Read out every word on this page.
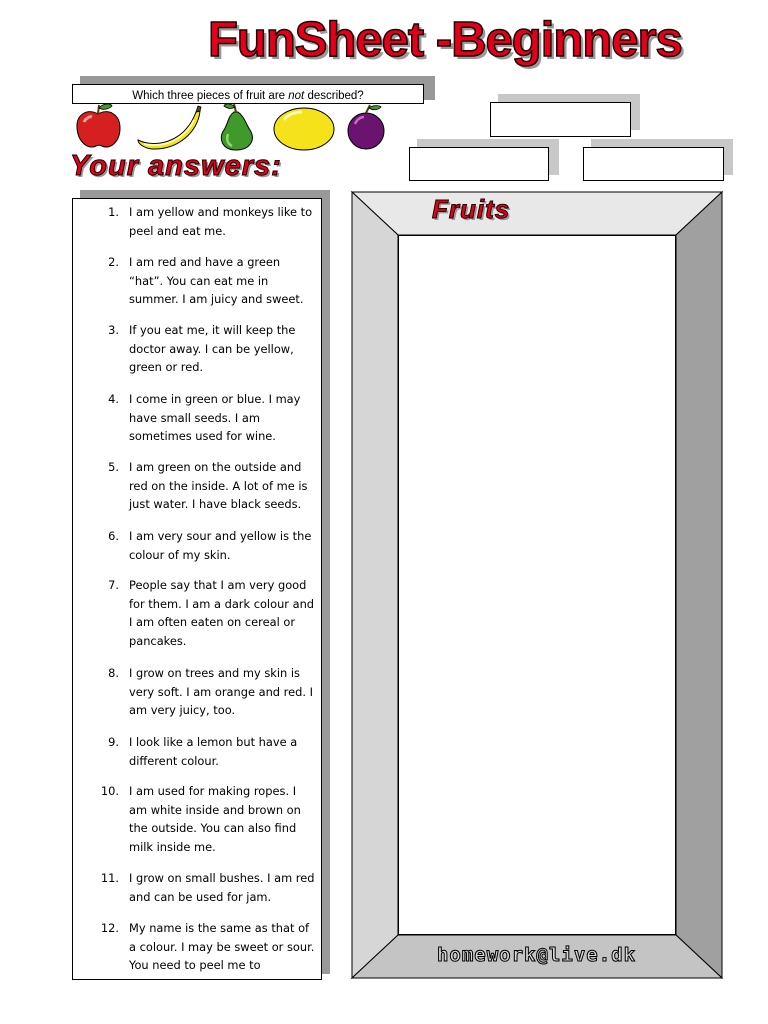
FunSheet -Beginners
Which three pieces of fruit are not described?
Your answers:
1. I am yellow and monkeys like to peel and eat me.
2. I am red and have a green “hat”. You can eat me in summer. I am juicy and sweet.
3. If you eat me, it will keep the doctor away. I can be yellow, green or red.
4. I come in green or blue. I may have small seeds. I am sometimes used for wine.
5. I am green on the outside and red on the inside. A lot of me is just water. I have black seeds.
6. I am very sour and yellow is the colour of my skin.
7. People say that I am very good for them. I am a dark colour and I am often eaten on cereal or pancakes.
8. I grow on trees and my skin is very soft. I am orange and red. I am very juicy, too.
9. I look like a lemon but have a different colour.
10. I am used for making ropes. I am white inside and brown on the outside. You can also find milk inside me.
11. I grow on small bushes. I am red and can be used for jam.
12. My name is the same as that of a colour. I may be sweet or sour. You need to peel me to
Fruits
homework@live.dk
